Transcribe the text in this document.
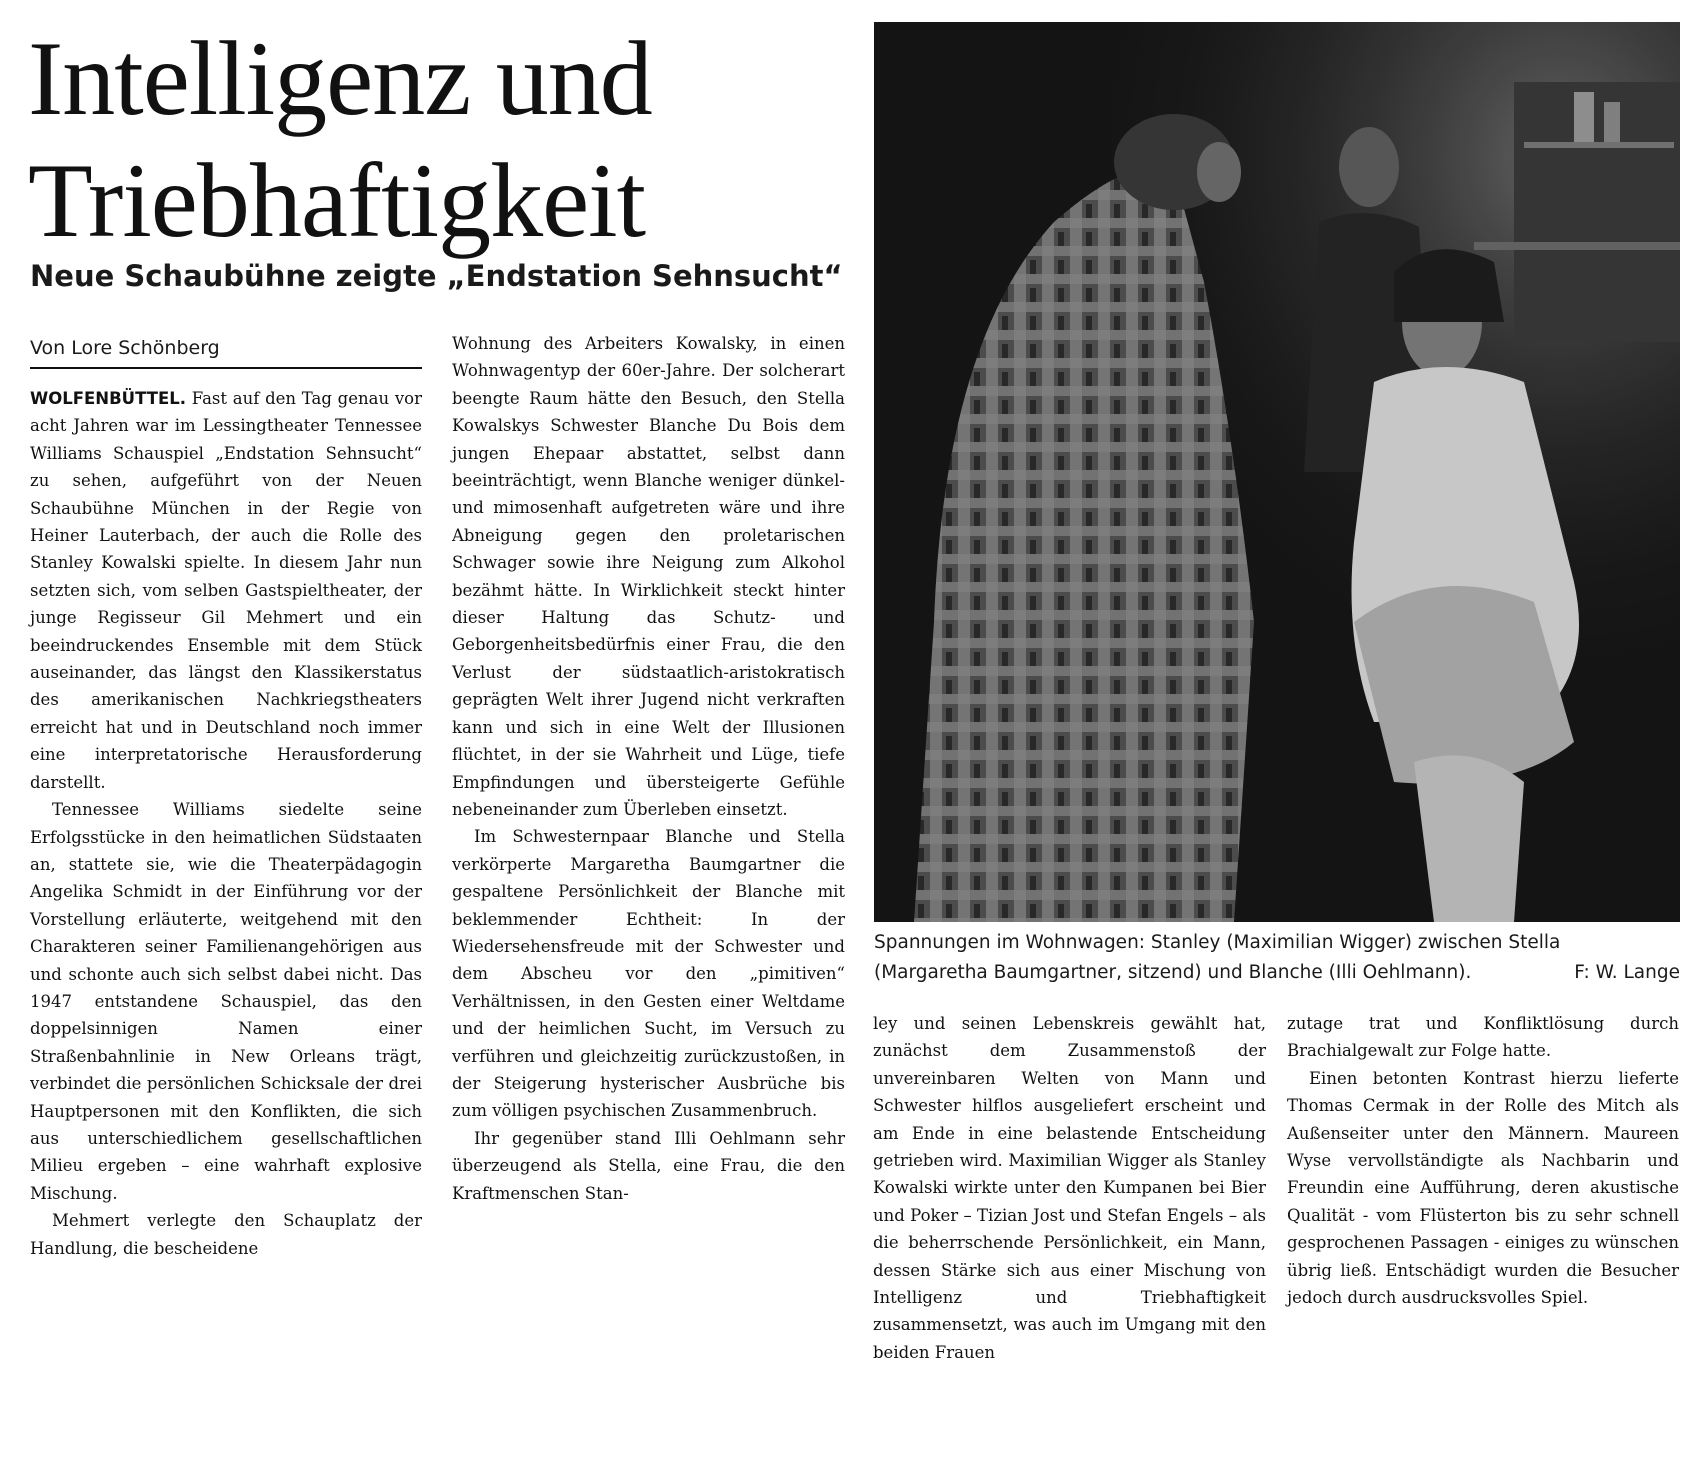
Intelligenz und
Triebhaftigkeit
Neue Schaubühne zeigte „Endstation Sehnsucht“
Von Lore Schönberg

WOLFENBÜTTEL. Fast auf den Tag genau vor acht Jahren war im Lessingtheater Tennessee Williams Schauspiel „Endstation Sehnsucht“ zu sehen, aufgeführt von der Neuen Schaubühne München in der Regie von Heiner Lauterbach, der auch die Rolle des Stanley Kowalski spielte. In diesem Jahr nun setzten sich, vom selben Gastspieltheater, der junge Regisseur Gil Mehmert und ein beeindruckendes Ensemble mit dem Stück auseinander, das längst den Klassikerstatus des amerikanischen Nachkriegstheaters erreicht hat und in Deutschland noch immer eine interpretatorische Herausforderung darstellt.

Tennessee Williams siedelte seine Erfolgsstücke in den heimatlichen Südstaaten an, stattete sie, wie die Theaterpädagogin Angelika Schmidt in der Einführung vor der Vorstellung erläuterte, weitgehend mit den Charakteren seiner Familienangehörigen aus und schonte auch sich selbst dabei nicht. Das 1947 entstandene Schauspiel, das den doppelsinnigen Namen einer Straßenbahnlinie in New Orleans trägt, verbindet die persönlichen Schicksale der drei Hauptpersonen mit den Konflikten, die sich aus unterschiedlichem gesellschaftlichen Milieu ergeben – eine wahrhaft explosive Mischung.

Mehmert verlegte den Schauplatz der Handlung, die bescheidene

Wohnung des Arbeiters Kowalsky, in einen Wohnwagentyp der 60er-Jahre. Der solcherart beengte Raum hätte den Besuch, den Stella Kowalskys Schwester Blanche Du Bois dem jungen Ehepaar abstattet, selbst dann beeinträchtigt, wenn Blanche weniger dünkel- und mimosenhaft aufgetreten wäre und ihre Abneigung gegen den proletarischen Schwager sowie ihre Neigung zum Alkohol bezähmt hätte. In Wirklichkeit steckt hinter dieser Haltung das Schutz- und Geborgenheitsbedürfnis einer Frau, die den Verlust der südstaatlich-aristokratisch geprägten Welt ihrer Jugend nicht verkraften kann und sich in eine Welt der Illusionen flüchtet, in der sie Wahrheit und Lüge, tiefe Empfindungen und übersteigerte Gefühle nebeneinander zum Überleben einsetzt.

Im Schwesternpaar Blanche und Stella verkörperte Margaretha Baumgartner die gespaltene Persönlichkeit der Blanche mit beklemmender Echtheit: In der Wiedersehensfreude mit der Schwester und dem Abscheu vor den „pimitiven“ Verhältnissen, in den Gesten einer Weltdame und der heimlichen Sucht, im Versuch zu verführen und gleichzeitig zurückzustoßen, in der Steigerung hysterischer Ausbrüche bis zum völligen psychischen Zusammenbruch.

Ihr gegenüber stand Illi Oehlmann sehr überzeugend als Stella, eine Frau, die den Kraftmenschen Stan-

ley und seinen Lebenskreis gewählt hat, zunächst dem Zusammenstoß der unvereinbaren Welten von Mann und Schwester hilflos ausgeliefert erscheint und am Ende in eine belastende Entscheidung getrieben wird. Maximilian Wigger als Stanley Kowalski wirkte unter den Kumpanen bei Bier und Poker – Tizian Jost und Stefan Engels – als die beherrschende Persönlichkeit, ein Mann, dessen Stärke sich aus einer Mischung von Intelligenz und Triebhaftigkeit zusammensetzt, was auch im Umgang mit den beiden Frauen

zutage trat und Konfliktlösung durch Brachialgewalt zur Folge hatte.

Einen betonten Kontrast hierzu lieferte Thomas Cermak in der Rolle des Mitch als Außenseiter unter den Männern. Maureen Wyse vervollständigte als Nachbarin und Freundin eine Aufführung, deren akustische Qualität - vom Flüsterton bis zu sehr schnell gesprochenen Passagen - einiges zu wünschen übrig ließ. Entschädigt wurden die Besucher jedoch durch ausdrucksvolles Spiel.

Spannungen im Wohnwagen: Stanley (Maximilian Wigger) zwischen Stella (Margaretha Baumgartner, sitzend) und Blanche (Illi Oehlmann).	F: W. Lange
